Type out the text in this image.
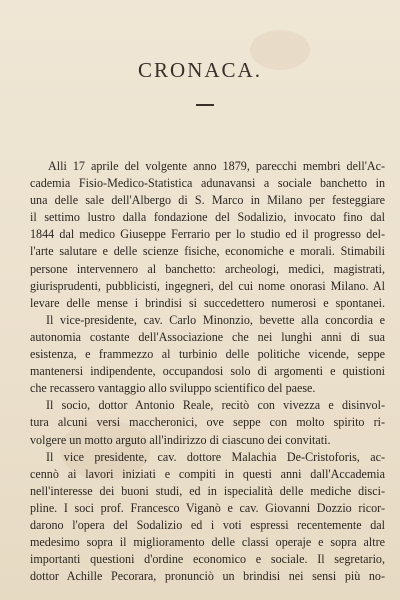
CRONACA.
Alli 17 aprile del volgente anno 1879, parecchi membri dell'Ac-
cademia Fisio-Medico-Statistica adunavansi a sociale banchetto in
una delle sale dell'Albergo di S. Marco in Milano per festeggiare
il settimo lustro dalla fondazione del Sodalizio, invocato fino dal
1844 dal medico Giuseppe Ferrario per lo studio ed il progresso del-
l'arte salutare e delle scienze fisiche, economiche e morali. Stimabili
persone intervennero al banchetto: archeologi, medici, magistrati,
giurisprudenti, pubblicisti, ingegneri, del cui nome onorasi Milano. Al
levare delle mense i brindisi si succedettero numerosi e spontanei.
Il vice-presidente, cav. Carlo Minonzio, bevette alla concordia e
autonomia costante dell'Associazione che nei lunghi anni di sua
esistenza, e frammezzo al turbinio delle politiche vicende, seppe
mantenersi indipendente, occupandosi solo di argomenti e quistioni
che recassero vantaggio allo sviluppo scientifico del paese.
Il socio, dottor Antonio Reale, recitò con vivezza e disinvol-
tura alcuni versi maccheronici, ove seppe con molto spirito ri-
volgere un motto arguto all'indirizzo di ciascuno dei convitati.
Il vice presidente, cav. dottore Malachia De-Cristoforis, ac-
cennò ai lavori iniziati e compiti in questi anni dall'Accademia
nell'interesse dei buoni studi, ed in ispecialità delle mediche disci-
pline. I soci prof. Francesco Viganò e cav. Giovanni Dozzio ricor-
darono l'opera del Sodalizio ed i voti espressi recentemente dal
medesimo sopra il miglioramento delle classi operaje e sopra altre
importanti questioni d'ordine economico e sociale. Il segretario,
dottor Achille Pecorara, pronunciò un brindisi nei sensi più no-
